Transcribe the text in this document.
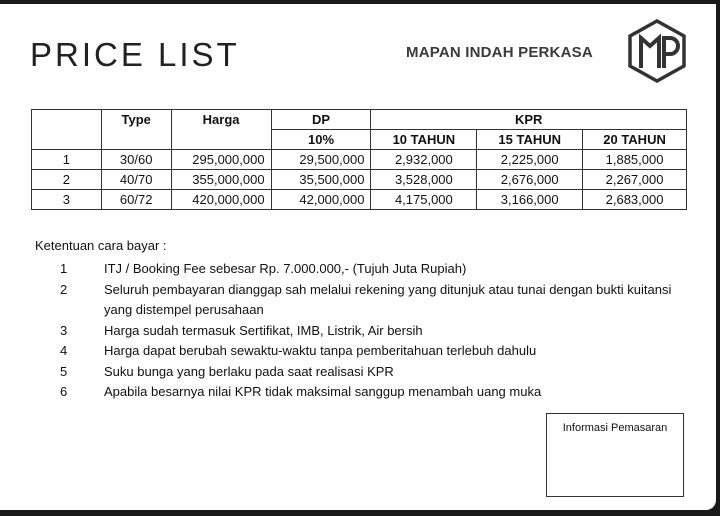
PRICE LIST	MAPAN INDAH PERKASA
	Type	Harga	DP	KPR		
			10%	10 TAHUN	15 TAHUN	20 TAHUN
1	30/60	295,000,000	29,500,000	2,932,000	2,225,000	1,885,000
2	40/70	355,000,000	35,500,000	3,528,000	2,676,000	2,267,000
3	60/72	420,000,000	42,000,000	4,175,000	3,166,000	2,683,000
Ketentuan cara bayar :
1	ITJ / Booking Fee sebesar Rp. 7.000.000,- (Tujuh Juta Rupiah)
2	Seluruh pembayaran dianggap sah melalui rekening yang ditunjuk atau tunai dengan bukti kuitansi yang distempel perusahaan
3	Harga sudah termasuk Sertifikat, IMB, Listrik, Air bersih
4	Harga dapat berubah sewaktu-waktu tanpa pemberitahuan terlebuh dahulu
5	Suku bunga yang berlaku pada saat realisasi KPR
6	Apabila besarnya nilai KPR tidak maksimal sanggup menambah uang muka
Informasi Pemasaran
